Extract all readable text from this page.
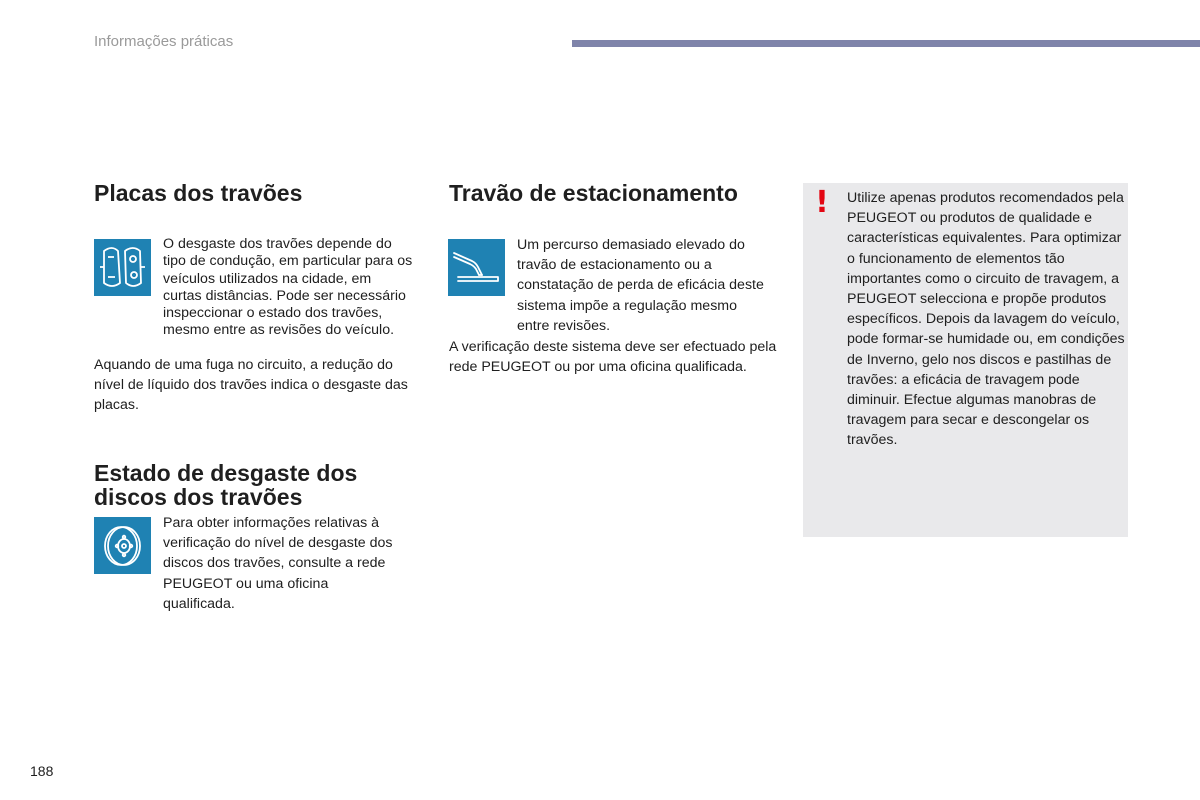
Informações práticas
Placas dos travões

O desgaste dos travões depende do tipo de condução, em particular para os veículos utilizados na cidade, em curtas distâncias. Pode ser necessário inspeccionar o estado dos travões, mesmo entre as revisões do veículo.

Aquando de uma fuga no circuito, a redução do nível de líquido dos travões indica o desgaste das placas.

Estado de desgaste dos
discos dos travões

Para obter informações relativas à verificação do nível de desgaste dos discos dos travões, consulte a rede PEUGEOT ou uma oficina qualificada.

Travão de estacionamento

Um percurso demasiado elevado do travão de estacionamento ou a constatação de perda de eficácia deste sistema impõe a regulação mesmo entre revisões.

A verificação deste sistema deve ser efectuado pela rede PEUGEOT ou por uma oficina qualificada.

! Utilize apenas produtos recomendados pela PEUGEOT ou produtos de qualidade e características equivalentes. Para optimizar o funcionamento de elementos tão importantes como o circuito de travagem, a PEUGEOT selecciona e propõe produtos específicos. Depois da lavagem do veículo, pode formar-se humidade ou, em condições de Inverno, gelo nos discos e pastilhas de travões: a eficácia de travagem pode diminuir. Efectue algumas manobras de travagem para secar e descongelar os travões.

188
